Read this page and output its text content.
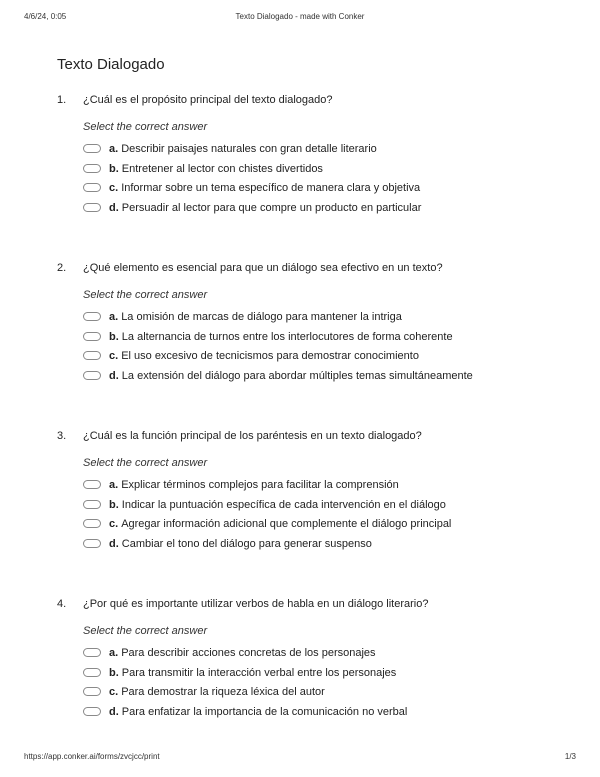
4/6/24, 0:05	Texto Dialogado - made with Conker
Texto Dialogado
1. ¿Cuál es el propósito principal del texto dialogado?
Select the correct answer
a. Describir paisajes naturales con gran detalle literario
b. Entretener al lector con chistes divertidos
c. Informar sobre un tema específico de manera clara y objetiva
d. Persuadir al lector para que compre un producto en particular
2. ¿Qué elemento es esencial para que un diálogo sea efectivo en un texto?
Select the correct answer
a. La omisión de marcas de diálogo para mantener la intriga
b. La alternancia de turnos entre los interlocutores de forma coherente
c. El uso excesivo de tecnicismos para demostrar conocimiento
d. La extensión del diálogo para abordar múltiples temas simultáneamente
3. ¿Cuál es la función principal de los paréntesis en un texto dialogado?
Select the correct answer
a. Explicar términos complejos para facilitar la comprensión
b. Indicar la puntuación específica de cada intervención en el diálogo
c. Agregar información adicional que complemente el diálogo principal
d. Cambiar el tono del diálogo para generar suspenso
4. ¿Por qué es importante utilizar verbos de habla en un diálogo literario?
Select the correct answer
a. Para describir acciones concretas de los personajes
b. Para transmitir la interacción verbal entre los personajes
c. Para demostrar la riqueza léxica del autor
d. Para enfatizar la importancia de la comunicación no verbal
https://app.conker.ai/forms/zvcjcc/print	1/3
